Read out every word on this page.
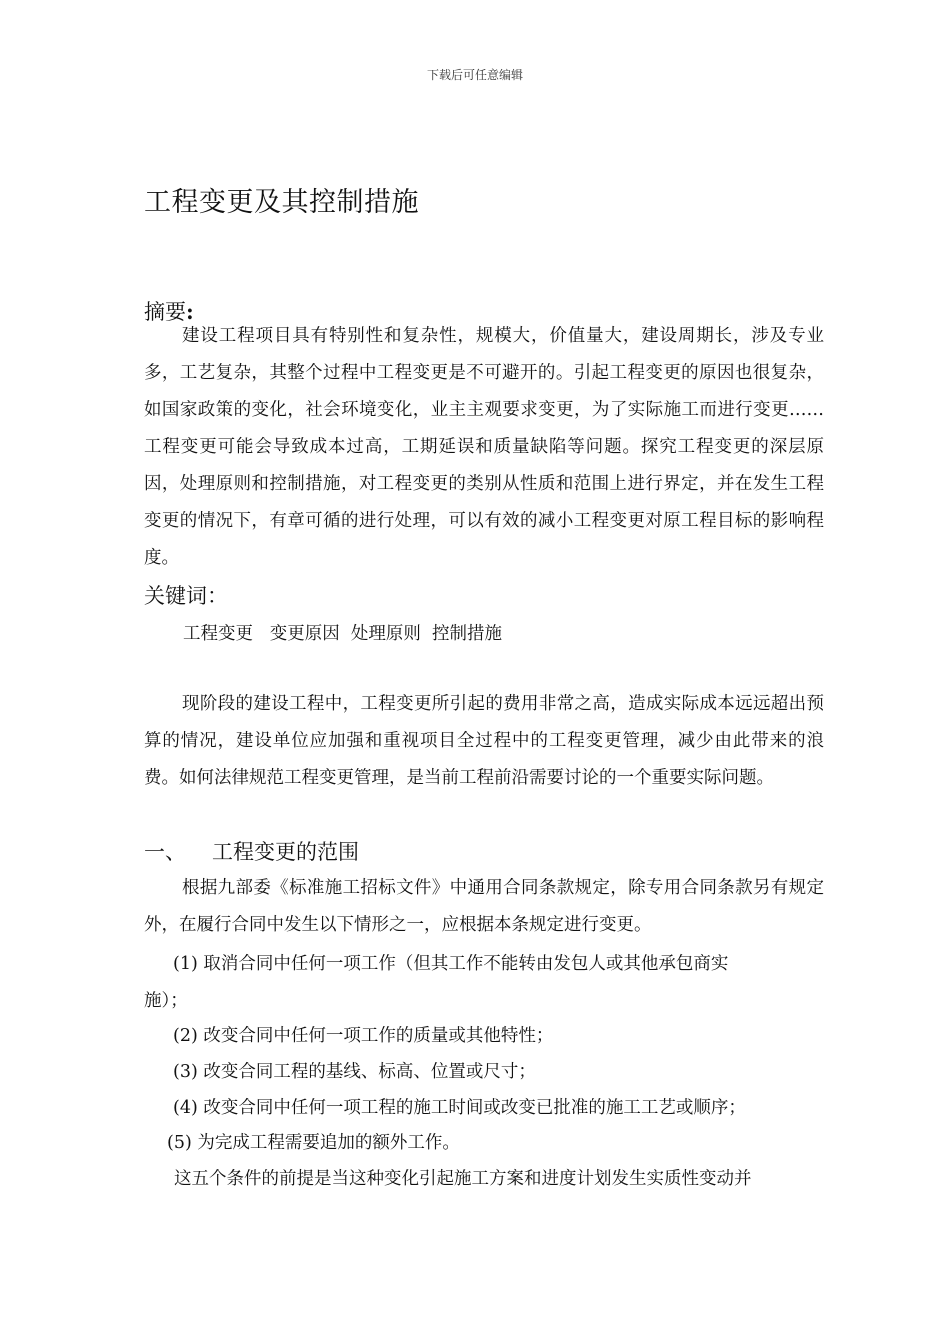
下载后可任意编辑
工程变更及其控制措施
摘要:

建设工程项目具有特别性和复杂性，规模大，价值量大，建设周期长，涉及专业多，工艺复杂，其整个过程中工程变更是不可避开的。引起工程变更的原因也很复杂，如国家政策的变化，社会环境变化，业主主观要求变更，为了实际施工而进行变更……工程变更可能会导致成本过高，工期延误和质量缺陷等问题。探究工程变更的深层原因，处理原则和控制措施，对工程变更的类别从性质和范围上进行界定，并在发生工程变更的情况下，有章可循的进行处理，可以有效的减小工程变更对原工程目标的影响程度。

关键词：
工程变更   变更原因  处理原则  控制措施

现阶段的建设工程中，工程变更所引起的费用非常之高，造成实际成本远远超出预算的情况，建设单位应加强和重视项目全过程中的工程变更管理，减少由此带来的浪费。如何法律规范工程变更管理，是当前工程前沿需要讨论的一个重要实际问题。

一、 工程变更的范围

根据九部委《标准施工招标文件》中通用合同条款规定，除专用合同条款另有规定外，在履行合同中发生以下情形之一，应根据本条规定进行变更。

(1) 取消合同中任何一项工作（但其工作不能转由发包人或其他承包商实
施）；
(2) 改变合同中任何一项工作的质量或其他特性；
(3) 改变合同工程的基线、标高、位置或尺寸；
(4) 改变合同中任何一项工程的施工时间或改变已批准的施工工艺或顺序；
(5) 为完成工程需要追加的额外工作。
这五个条件的前提是当这种变化引起施工方案和进度计划发生实质性变动并
